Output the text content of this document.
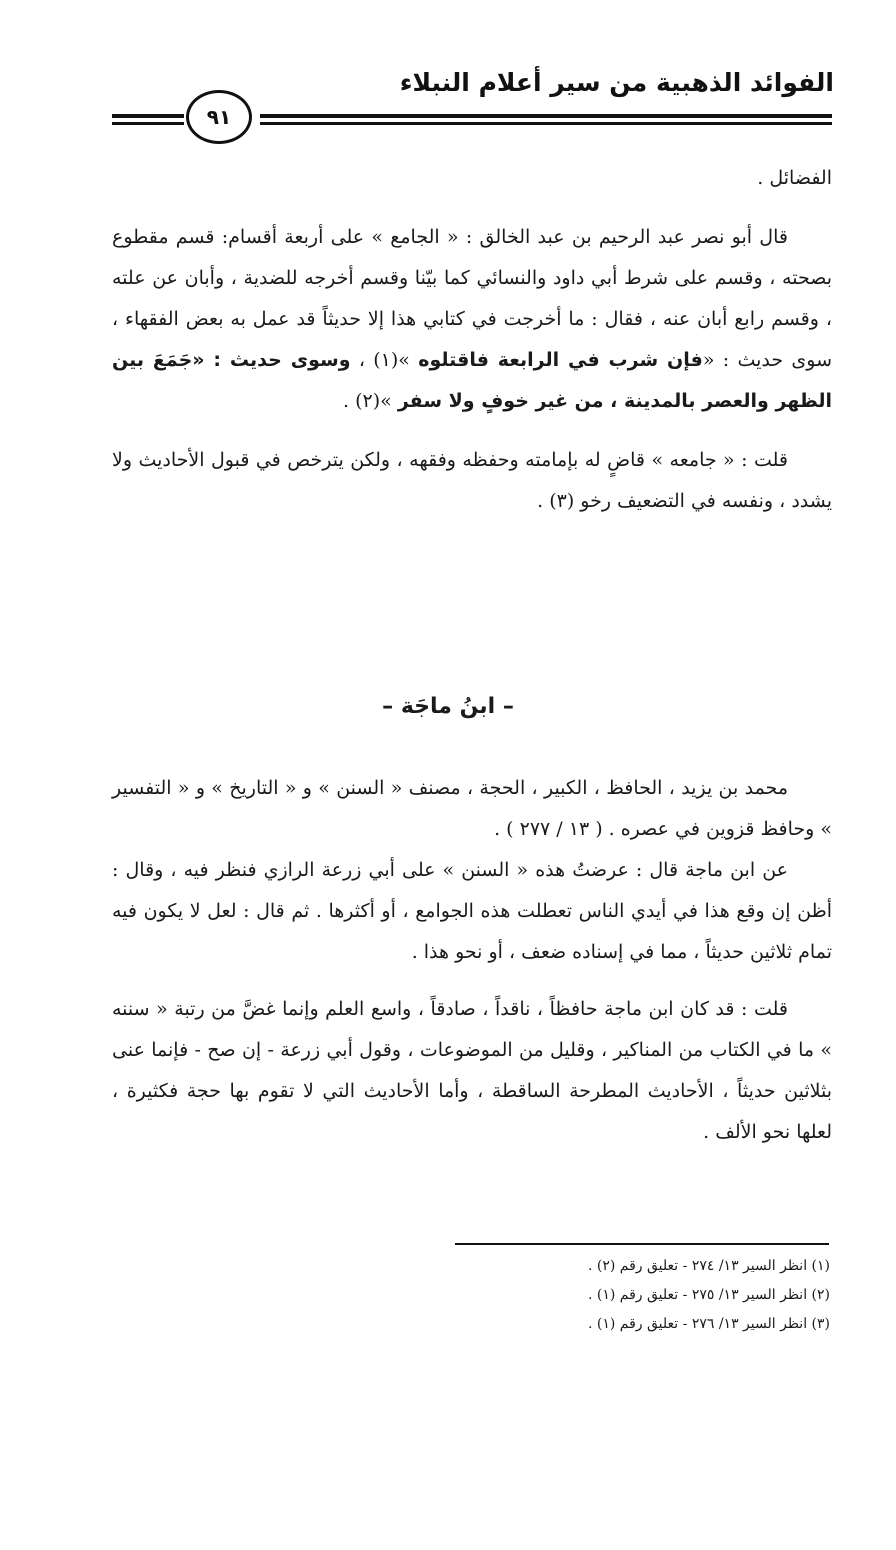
الفوائد الذهبية من سير أعلام النبلاء
٩١

الفضائل .

قال أبو نصر عبد الرحيم بن عبد الخالق : « الجامع » على أربعة أقسام: قسم مقطوع بصحته ، وقسم على شرط أبي داود والنسائي كما بيّنا وقسم أخرجه للضدية ، وأبان عن علته ، وقسم رابع أبان عنه ، فقال : ما أخرجت في كتابي هذا إلا حديثاً قد عمل به بعض الفقهاء ، سوى حديث : «فإن شرب في الرابعة فاقتلوه »(١) ، وسوى حديث : «جَمَعَ بين الظهر والعصر بالمدينة ، من غير خوفٍ ولا سفر »(٢) .

قلت : « جامعه » قاضٍ له بإمامته وحفظه وفقهه ، ولكن يترخص في قبول الأحاديث ولا يشدد ، ونفسه في التضعيف رخو (٣) .

– ابنُ ماجَة –

محمد بن يزيد ، الحافظ ، الكبير ، الحجة ، مصنف « السنن » و « التاريخ » و « التفسير » وحافظ قزوين في عصره . ( ١٣ / ٢٧٧ ) .

عن ابن ماجة قال : عرضتُ هذه « السنن » على أبي زرعة الرازي فنظر فيه ، وقال : أظن إن وقع هذا في أيدي الناس تعطلت هذه الجوامع ، أو أكثرها . ثم قال : لعل لا يكون فيه تمام ثلاثين حديثاً ، مما في إسناده ضعف ، أو نحو هذا .

قلت : قد كان ابن ماجة حافظاً ، ناقداً ، صادقاً ، واسع العلم وإنما غضَّ من رتبة « سننه » ما في الكتاب من المناكير ، وقليل من الموضوعات ، وقول أبي زرعة - إن صح - فإنما عنى بثلاثين حديثاً ، الأحاديث المطرحة الساقطة ، وأما الأحاديث التي لا تقوم بها حجة فكثيرة ، لعلها نحو الألف .

(١) انظر السير ١٣/ ٢٧٤ - تعليق رقم (٢) .
(٢) انظر السير ١٣/ ٢٧٥ - تعليق رقم (١) .
(٣) انظر السير ١٣/ ٢٧٦ - تعليق رقم (١) .
